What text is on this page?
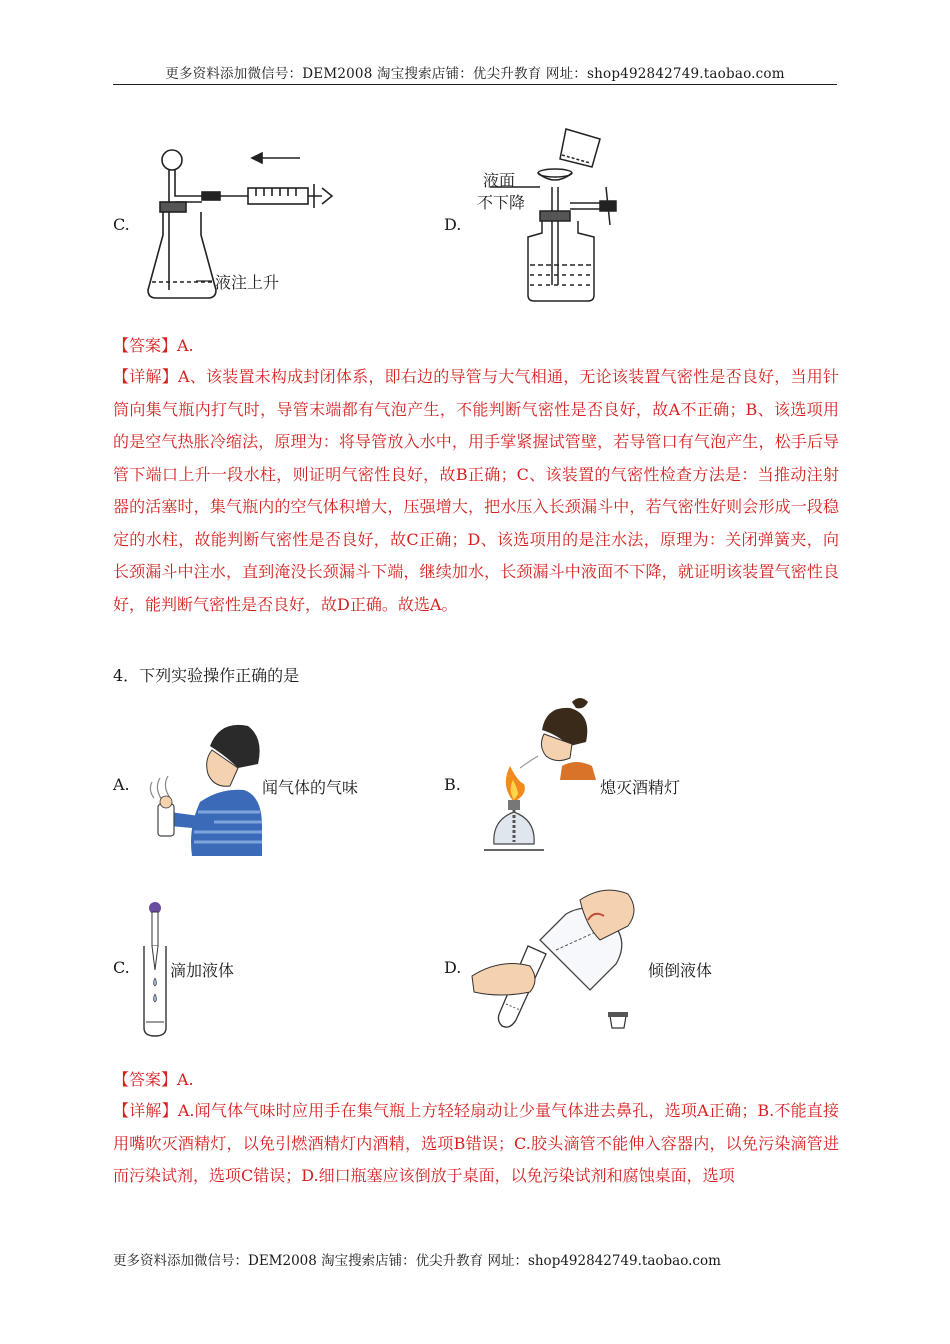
更多资料添加微信号：DEM2008 淘宝搜索店铺：优尖升教育 网址：shop492842749.taobao.com
C.
液注上升
D.
液面
不下降
【答案】A.
【详解】A、该装置未构成封闭体系，即右边的导管与大气相通，无论该装置气密性是否良好，当用针筒向集气瓶内打气时，导管末端都有气泡产生，不能判断气密性是否良好，故A不正确；B、该选项用的是空气热胀冷缩法，原理为：将导管放入水中，用手掌紧握试管壁，若导管口有气泡产生，松手后导管下端口上升一段水柱，则证明气密性良好，故B正确；C、该装置的气密性检查方法是：当推动注射器的活塞时，集气瓶内的空气体积增大，压强增大，把水压入长颈漏斗中，若气密性好则会形成一段稳定的水柱，故能判断气密性是否良好，故C正确；D、该选项用的是注水法，原理为：关闭弹簧夹，向长颈漏斗中注水，直到淹没长颈漏斗下端，继续加水，长颈漏斗中液面不下降，就证明该装置气密性良好，能判断气密性是否良好，故D正确。故选A。
4．下列实验操作正确的是
A.	闻气体的气味	B.	熄灭酒精灯
C.	滴加液体	D.	倾倒液体
【答案】A.
【详解】A.闻气体气味时应用手在集气瓶上方轻轻扇动让少量气体进去鼻孔，选项A正确；B.不能直接用嘴吹灭酒精灯，以免引燃酒精灯内酒精，选项B错误；C.胶头滴管不能伸入容器内，以免污染滴管进而污染试剂，选项C错误；D.细口瓶塞应该倒放于桌面，以免污染试剂和腐蚀桌面，选项
更多资料添加微信号：DEM2008 淘宝搜索店铺：优尖升教育 网址：shop492842749.taobao.com
